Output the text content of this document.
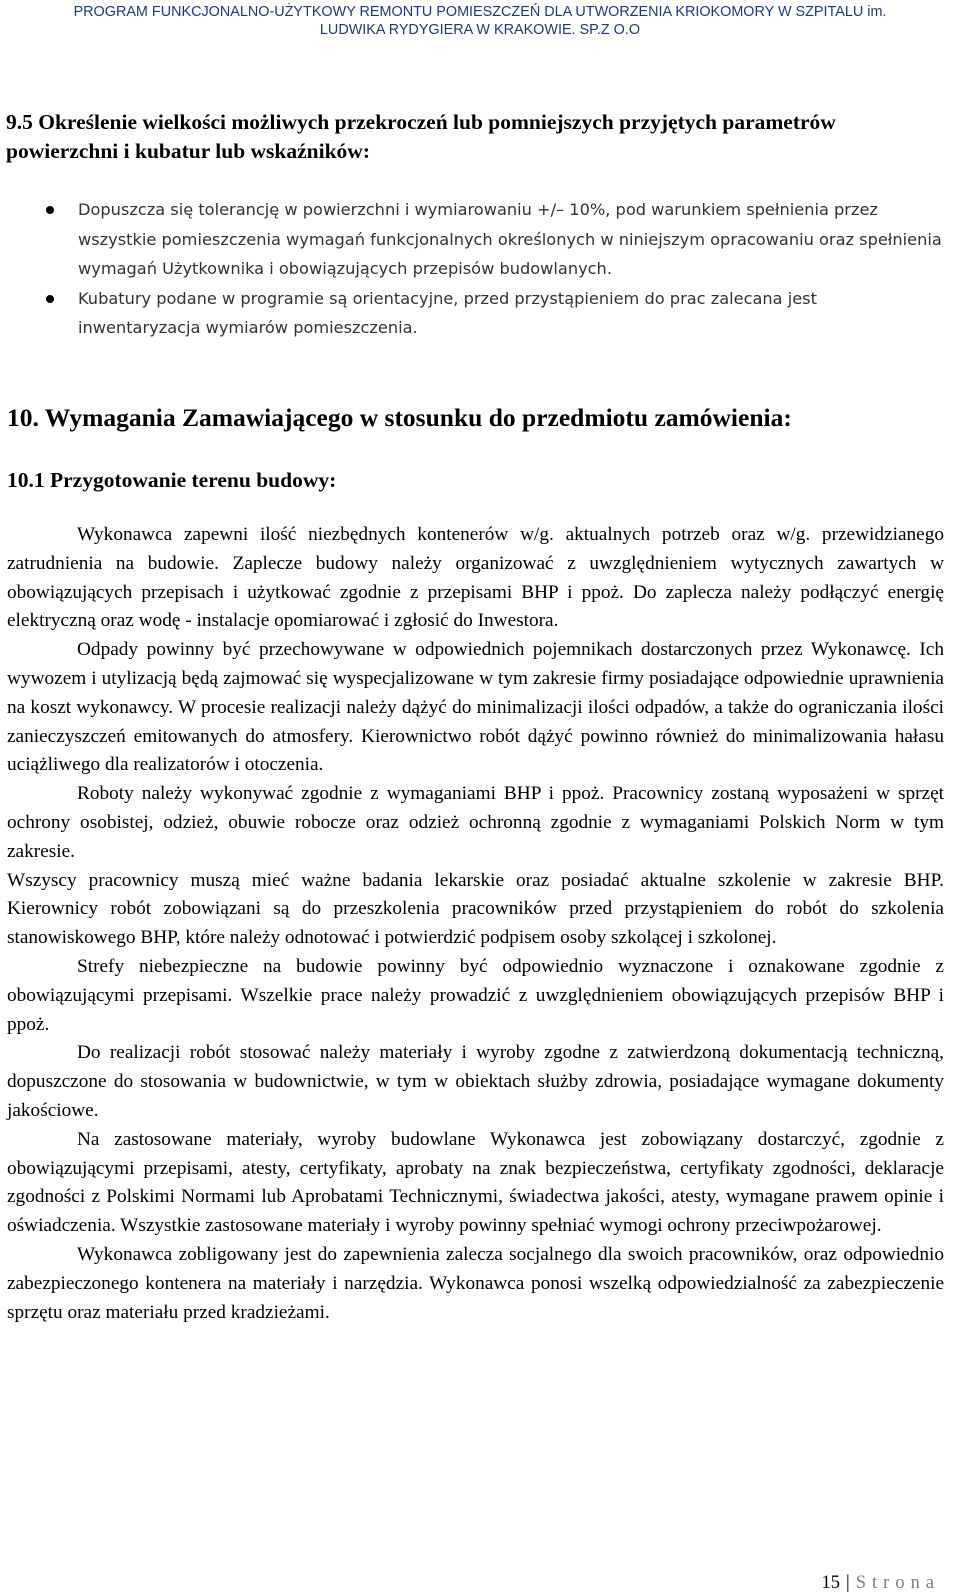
PROGRAM FUNKCJONALNO-UŻYTKOWY REMONTU POMIESZCZEŃ DLA UTWORZENIA KRIOKOMORY W SZPITALU im.
LUDWIKA RYDYGIERA W KRAKOWIE. SP.Z O.O
9.5 Określenie wielkości możliwych przekroczeń lub pomniejszych przyjętych parametrów powierzchni i kubatur lub wskaźników:
Dopuszcza się tolerancję w powierzchni i wymiarowaniu +/– 10%, pod warunkiem spełnienia przez wszystkie pomieszczenia wymagań funkcjonalnych określonych w niniejszym opracowaniu oraz spełnienia wymagań Użytkownika i obowiązujących przepisów budowlanych.
Kubatury podane w programie są orientacyjne, przed przystąpieniem do prac zalecana jest inwentaryzacja wymiarów pomieszczenia.
10. Wymagania Zamawiającego w stosunku do przedmiotu zamówienia:
10.1 Przygotowanie terenu budowy:

Wykonawca zapewni ilość niezbędnych kontenerów w/g. aktualnych potrzeb oraz w/g. przewidzianego zatrudnienia na budowie. Zaplecze budowy należy organizować z uwzględnieniem wytycznych zawartych w obowiązujących przepisach i użytkować zgodnie z przepisami BHP i ppoż. Do zaplecza należy podłączyć energię elektryczną oraz wodę - instalacje opomiarować i zgłosić do Inwestora.

Odpady powinny być przechowywane w odpowiednich pojemnikach dostarczonych przez Wykonawcę. Ich wywozem i utylizacją będą zajmować się wyspecjalizowane w tym zakresie firmy posiadające odpowiednie uprawnienia na koszt wykonawcy. W procesie realizacji należy dążyć do minimalizacji ilości odpadów, a także do ograniczania ilości zanieczyszczeń emitowanych do atmosfery. Kierownictwo robót dążyć powinno również do minimalizowania hałasu uciążliwego dla realizatorów i otoczenia.

Roboty należy wykonywać zgodnie z wymaganiami BHP i ppoż. Pracownicy zostaną wyposażeni w sprzęt ochrony osobistej, odzież, obuwie robocze oraz odzież ochronną zgodnie z wymaganiami Polskich Norm w tym zakresie.

Wszyscy pracownicy muszą mieć ważne badania lekarskie oraz posiadać aktualne szkolenie w zakresie BHP. Kierownicy robót zobowiązani są do przeszkolenia pracowników przed przystąpieniem do robót do szkolenia stanowiskowego BHP, które należy odnotować i potwierdzić podpisem osoby szkolącej i szkolonej.

Strefy niebezpieczne na budowie powinny być odpowiednio wyznaczone i oznakowane zgodnie z obowiązującymi przepisami. Wszelkie prace należy prowadzić z uwzględnieniem obowiązujących przepisów BHP i ppoż.

Do realizacji robót stosować należy materiały i wyroby zgodne z zatwierdzoną dokumentacją techniczną, dopuszczone do stosowania w budownictwie, w tym w obiektach służby zdrowia, posiadające wymagane dokumenty jakościowe.

Na zastosowane materiały, wyroby budowlane Wykonawca jest zobowiązany dostarczyć, zgodnie z obowiązującymi przepisami, atesty, certyfikaty, aprobaty na znak bezpieczeństwa, certyfikaty zgodności, deklaracje zgodności z Polskimi Normami lub Aprobatami Technicznymi, świadectwa jakości, atesty, wymagane prawem opinie i oświadczenia. Wszystkie zastosowane materiały i wyroby powinny spełniać wymogi ochrony przeciwpożarowej.

Wykonawca zobligowany jest do zapewnienia zalecza socjalnego dla swoich pracowników, oraz odpowiednio zabezpieczonego kontenera na materiały i narzędzia. Wykonawca ponosi wszelką odpowiedzialność za zabezpieczenie sprzętu oraz materiału przed kradzieżami.

15 | Strona
